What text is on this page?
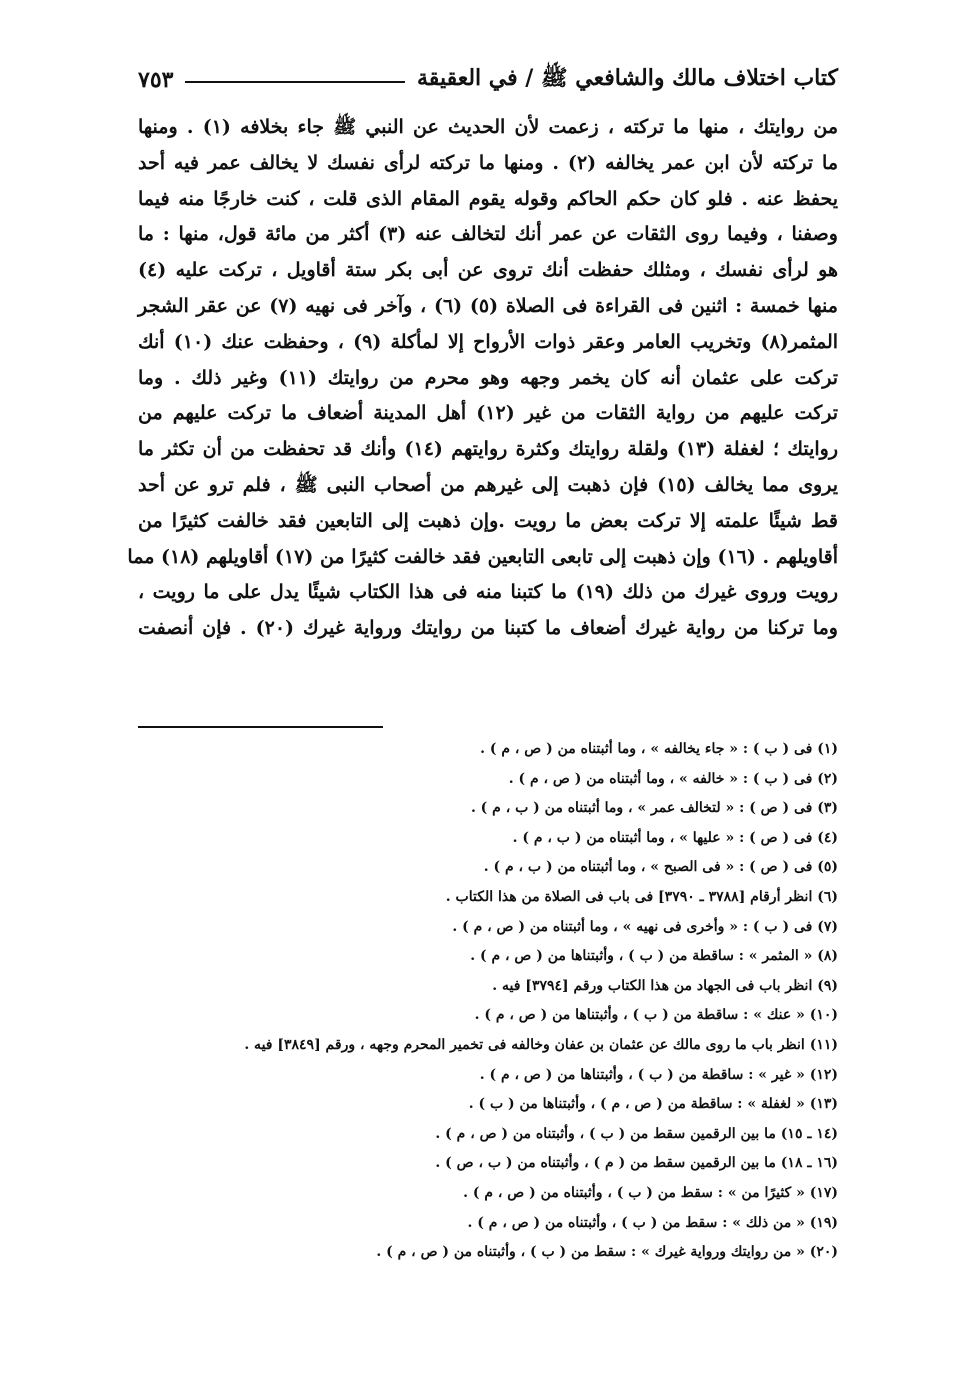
كتاب اختلاف مالك والشافعي ﷺ / في العقيقة
٧٥٣
من روايتك ، منها ما تركته ، زعمت لأن الحديث عن النبي ﷺ جاء بخلافه (١) . ومنها
ما تركته لأن ابن عمر يخالفه (٢) . ومنها ما تركته لرأى نفسك لا يخالف عمر فيه أحد
يحفظ عنه . فلو كان حكم الحاكم وقوله يقوم المقام الذى قلت ، كنت خارجًا منه فيما
وصفنا ، وفيما روى الثقات عن عمر أنك لتخالف عنه (٣) أكثر من مائة قول، منها : ما
هو لرأى نفسك ، ومثلك حفظت أنك تروى عن أبى بكر ستة أقاويل ، تركت عليه (٤)
منها خمسة : اثنين فى القراءة فى الصلاة (٥) (٦) ، وآخر فى نهيه (٧) عن عقر الشجر
المثمر(٨) وتخريب العامر وعقر ذوات الأرواح إلا لمأكلة (٩) ، وحفظت عنك (١٠) أنك
تركت على عثمان أنه كان يخمر وجهه وهو محرم من روايتك (١١) وغير ذلك . وما
تركت عليهم من رواية الثقات من غير (١٢) أهل المدينة أضعاف ما تركت عليهم من
روايتك ؛ لغفلة (١٣) ولقلة روايتك وكثرة روايتهم (١٤) وأنك قد تحفظت من أن تكثر ما
يروى مما يخالف (١٥) فإن ذهبت إلى غيرهم من أصحاب النبى ﷺ ، فلم ترو عن أحد
قط شيئًا علمته إلا تركت بعض ما رويت .وإن ذهبت إلى التابعين فقد خالفت كثيرًا من
أقاويلهم . (١٦) وإن ذهبت إلى تابعى التابعين فقد خالفت كثيرًا من (١٧) أقاويلهم (١٨) مما
رويت وروى غيرك من ذلك (١٩) ما كتبنا منه فى هذا الكتاب شيئًا يدل على ما رويت ،
وما تركنا من رواية غيرك أضعاف ما كتبنا من روايتك ورواية غيرك (٢٠) . فإن أنصفت
(١) فى ( ب ) : « جاء يخالفه » ، وما أثبتناه من ( ص ، م ) .
(٢) فى ( ب ) : « خالفه » ، وما أثبتناه من ( ص ، م ) .
(٣) فى ( ص ) : « لتخالف عمر » ، وما أثبتناه من ( ب ، م ) .
(٤) فى ( ص ) : « عليها » ، وما أثبتناه من ( ب ، م ) .
(٥) فى ( ص ) : « فى الصبح » ، وما أثبتناه من ( ب ، م ) .
(٦) انظر أرقام [٣٧٨٨ ـ ٣٧٩٠] فى باب فى الصلاة من هذا الكتاب .
(٧) فى ( ب ) : « وأخرى فى نهيه » ، وما أثبتناه من ( ص ، م ) .
(٨) « المثمر » : ساقطة من ( ب ) ، وأثبتناها من ( ص ، م ) .
(٩) انظر باب فى الجهاد من هذا الكتاب ورقم [٣٧٩٤] فيه .
(١٠) « عنك » : ساقطة من ( ب ) ، وأثبتناها من ( ص ، م ) .
(١١) انظر باب ما روى مالك عن عثمان بن عفان وخالفه فى تخمير المحرم وجهه ، ورقم [٣٨٤٩] فيه .
(١٢) « غير » : ساقطة من ( ب ) ، وأثبتناها من ( ص ، م ) .
(١٣) « لغفلة » : ساقطة من ( ص ، م ) ، وأثبتناها من ( ب ) .
(١٤ ـ ١٥) ما بين الرقمين سقط من ( ب ) ، وأثبتناه من ( ص ، م ) .
(١٦ ـ ١٨) ما بين الرقمين سقط من ( م ) ، وأثبتناه من ( ب ، ص ) .
(١٧) « كثيرًا من » : سقط من ( ب ) ، وأثبتناه من ( ص ، م ) .
(١٩) « من ذلك » : سقط من ( ب ) ، وأثبتناه من ( ص ، م ) .
(٢٠) « من روايتك ورواية غيرك » : سقط من ( ب ) ، وأثبتناه من ( ص ، م ) .
